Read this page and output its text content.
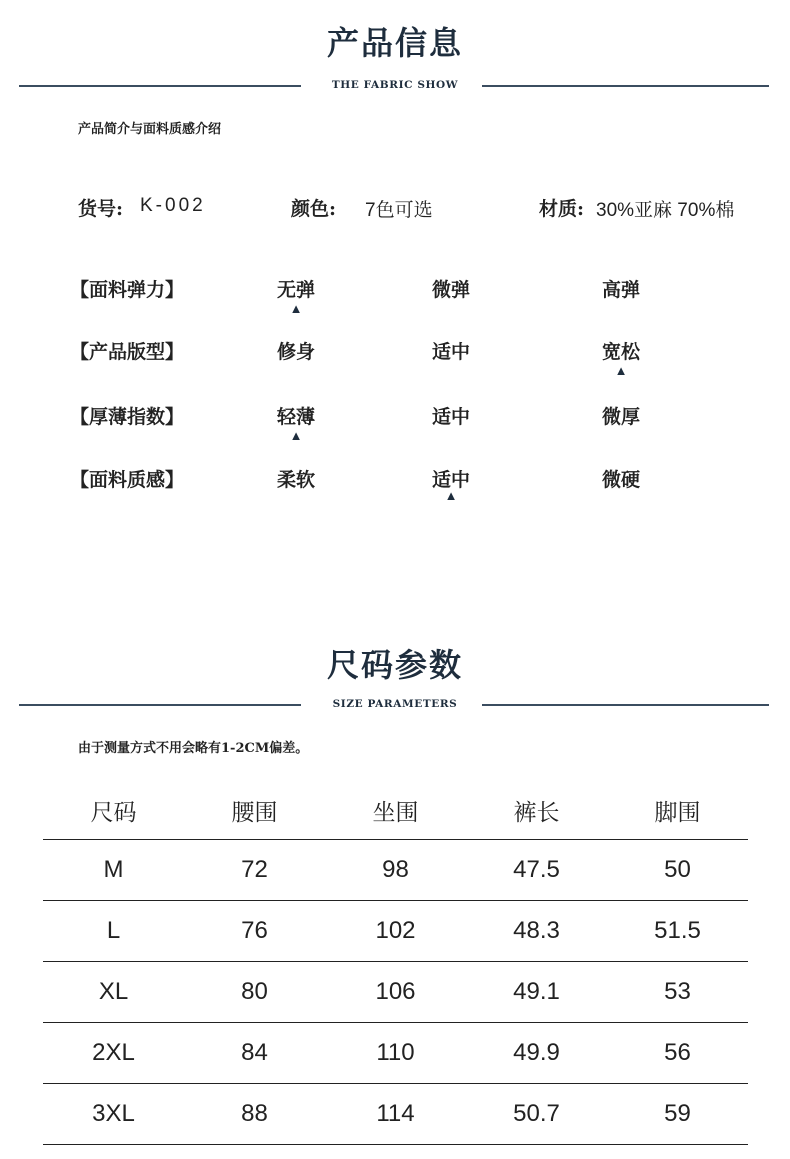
产品信息
THE FABRIC SHOW
产品简介与面料质感介绍
货号: K-002	颜色: 7色可选	材质: 30%亚麻 70%棉
【面料弹力】	无弹	微弹	高弹
▲
【产品版型】	修身	适中	宽松
▲
【厚薄指数】	轻薄	适中	微厚
▲
【面料质感】	柔软	适中	微硬
▲
尺码参数
SIZE PARAMETERS
由于测量方式不用会略有1-2CM偏差。
尺码	腰围	坐围	裤长	脚围
M	72	98	47.5	50
L	76	102	48.3	51.5
XL	80	106	49.1	53
2XL	84	110	49.9	56
3XL	88	114	50.7	59
